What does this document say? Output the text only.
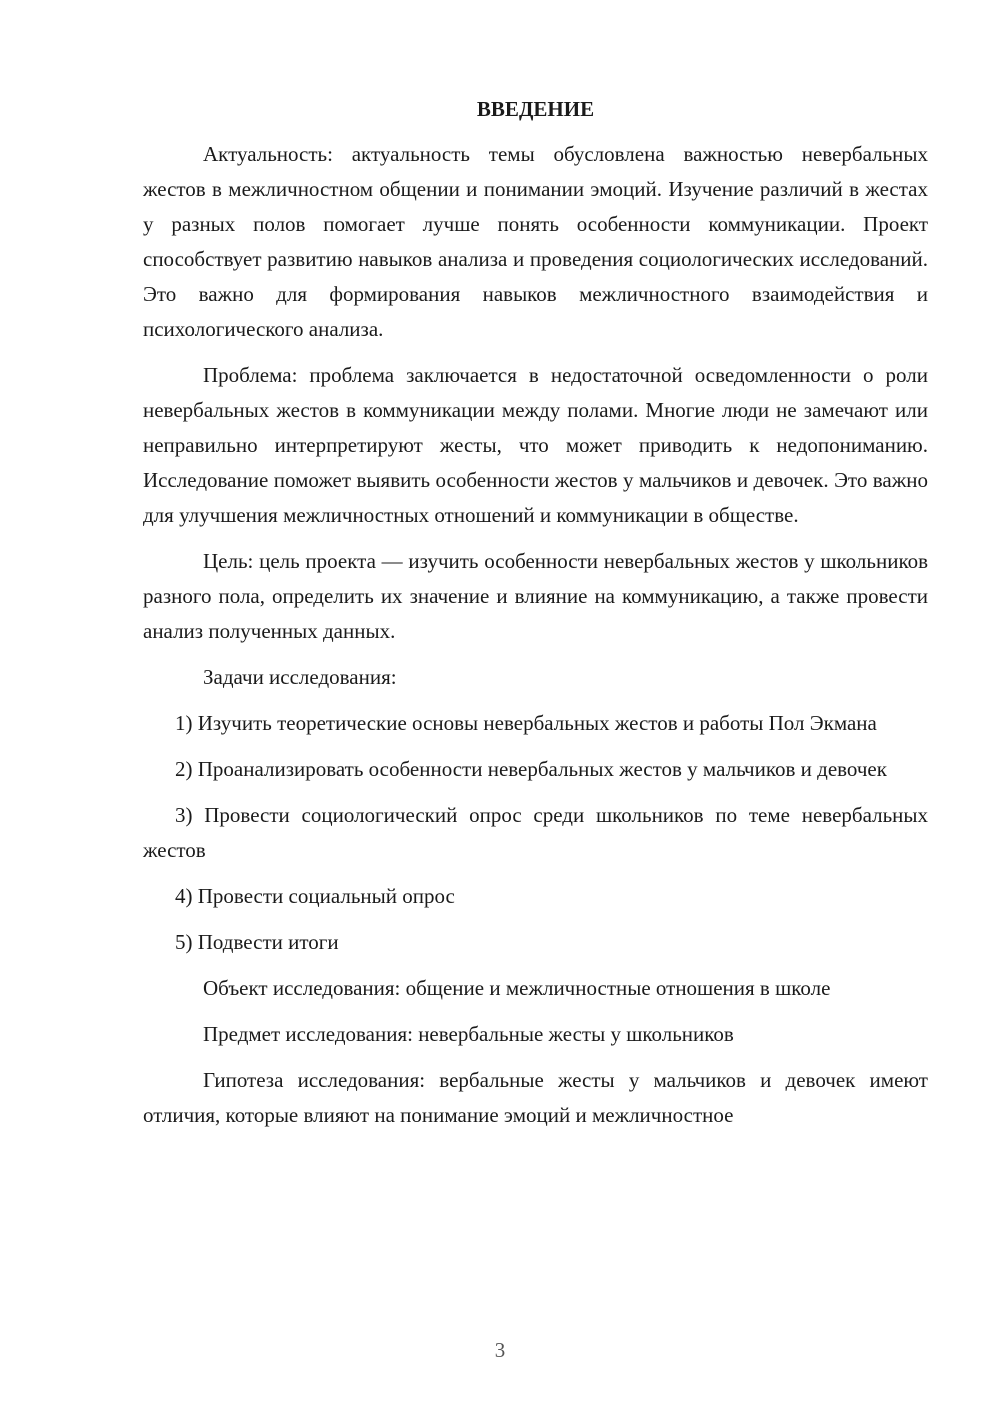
ВВЕДЕНИЕ

Актуальность: актуальность темы обусловлена важностью невербальных жестов в межличностном общении и понимании эмоций. Изучение различий в жестах у разных полов помогает лучше понять особенности коммуникации. Проект способствует развитию навыков анализа и проведения социологических исследований. Это важно для формирования навыков межличностного взаимодействия и психологического анализа.

Проблема: проблема заключается в недостаточной осведомленности о роли невербальных жестов в коммуникации между полами. Многие люди не замечают или неправильно интерпретируют жесты, что может приводить к недопониманию. Исследование поможет выявить особенности жестов у мальчиков и девочек. Это важно для улучшения межличностных отношений и коммуникации в обществе.

Цель: цель проекта — изучить особенности невербальных жестов у школьников разного пола, определить их значение и влияние на коммуникацию, а также провести анализ полученных данных.

Задачи исследования:

1) Изучить теоретические основы невербальных жестов и работы Пол Экмана

2) Проанализировать особенности невербальных жестов у мальчиков и девочек

3) Провести социологический опрос среди школьников по теме невербальных жестов

4) Провести социальный опрос

5) Подвести итоги

Объект исследования: общение и межличностные отношения в школе

Предмет исследования: невербальные жесты у школьников

Гипотеза исследования: вербальные жесты у мальчиков и девочек имеют отличия, которые влияют на понимание эмоций и межличностное

3
